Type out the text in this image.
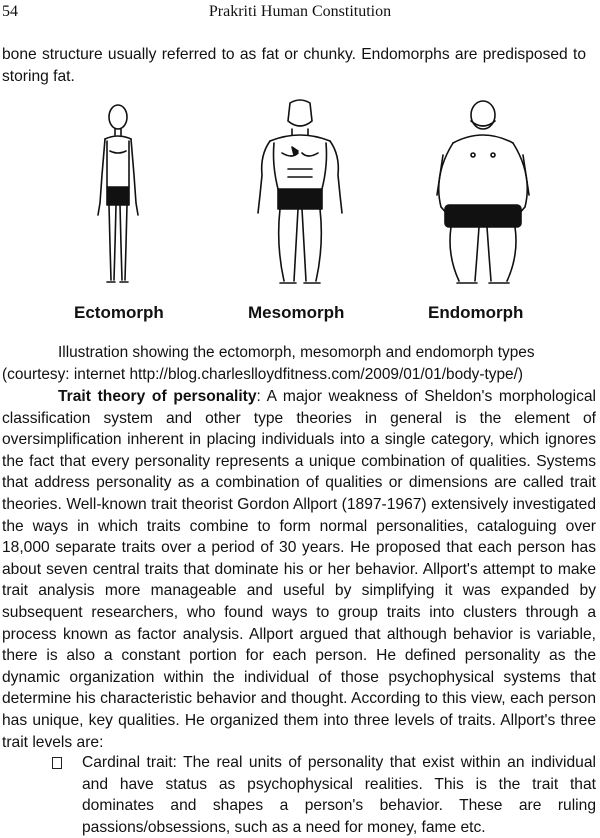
54	Prakriti Human Constitution
bone structure usually referred to as fat or chunky. Endomorphs are predisposed to storing fat.
Ectomorph	Mesomorph	Endomorph
Illustration showing the ectomorph, mesomorph and endomorph types
(courtesy: internet http://blog.charleslloydfitness.com/2009/01/01/body-type/)

Trait theory of personality: A major weakness of Sheldon's morphological classification system and other type theories in general is the element of oversimplification inherent in placing individuals into a single category, which ignores the fact that every personality represents a unique combination of qualities. Systems that address personality as a combination of qualities or dimensions are called trait theories. Well-known trait theorist Gordon Allport (1897-1967) extensively investigated the ways in which traits combine to form normal personalities, cataloguing over 18,000 separate traits over a period of 30 years. He proposed that each person has about seven central traits that dominate his or her behavior. Allport's attempt to make trait analysis more manageable and useful by simplifying it was expanded by subsequent researchers, who found ways to group traits into clusters through a process known as factor analysis. Allport argued that although behavior is variable, there is also a constant portion for each person. He defined personality as the dynamic organization within the individual of those psychophysical systems that determine his characteristic behavior and thought. According to this view, each person has unique, key qualities. He organized them into three levels of traits. Allport's three trait levels are:

Cardinal trait: The real units of personality that exist within an individual and have status as psychophysical realities. This is the trait that dominates and shapes a person's behavior. These are ruling passions/obsessions, such as a need for money, fame etc.
